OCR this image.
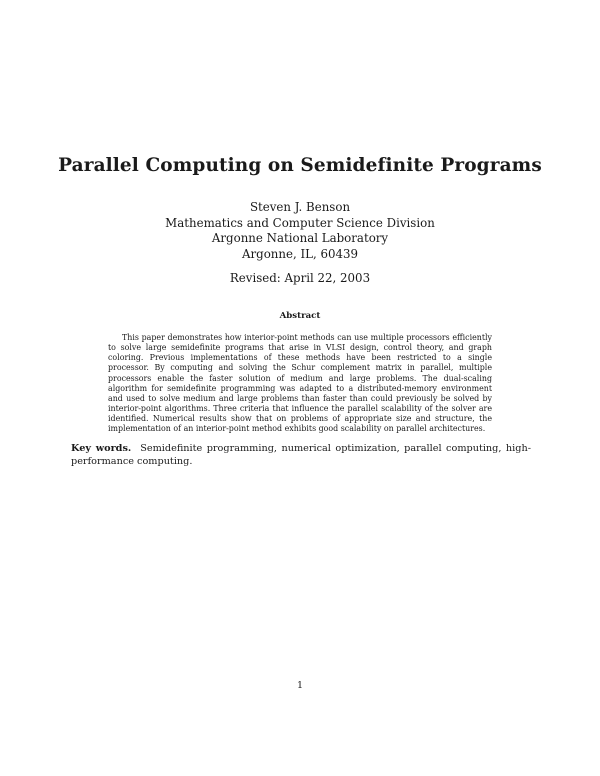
Parallel Computing on Semidefinite Programs
Steven J. Benson
Mathematics and Computer Science Division
Argonne National Laboratory
Argonne, IL, 60439
Revised: April 22, 2003
Abstract

This paper demonstrates how interior-point methods can use multiple processors efficiently to solve large semidefinite programs that arise in VLSI design, control theory, and graph coloring. Previous implementations of these methods have been restricted to a single processor. By computing and solving the Schur complement matrix in parallel, multiple processors enable the faster solution of medium and large problems. The dual-scaling algorithm for semidefinite programming was adapted to a distributed-memory environment and used to solve medium and large problems than faster than could previously be solved by interior-point algorithms. Three criteria that influence the parallel scalability of the solver are identified. Numerical results show that on problems of appropriate size and structure, the implementation of an interior-point method exhibits good scalability on parallel architectures.

Key words. Semidefinite programming, numerical optimization, parallel computing, high-performance computing.

1
